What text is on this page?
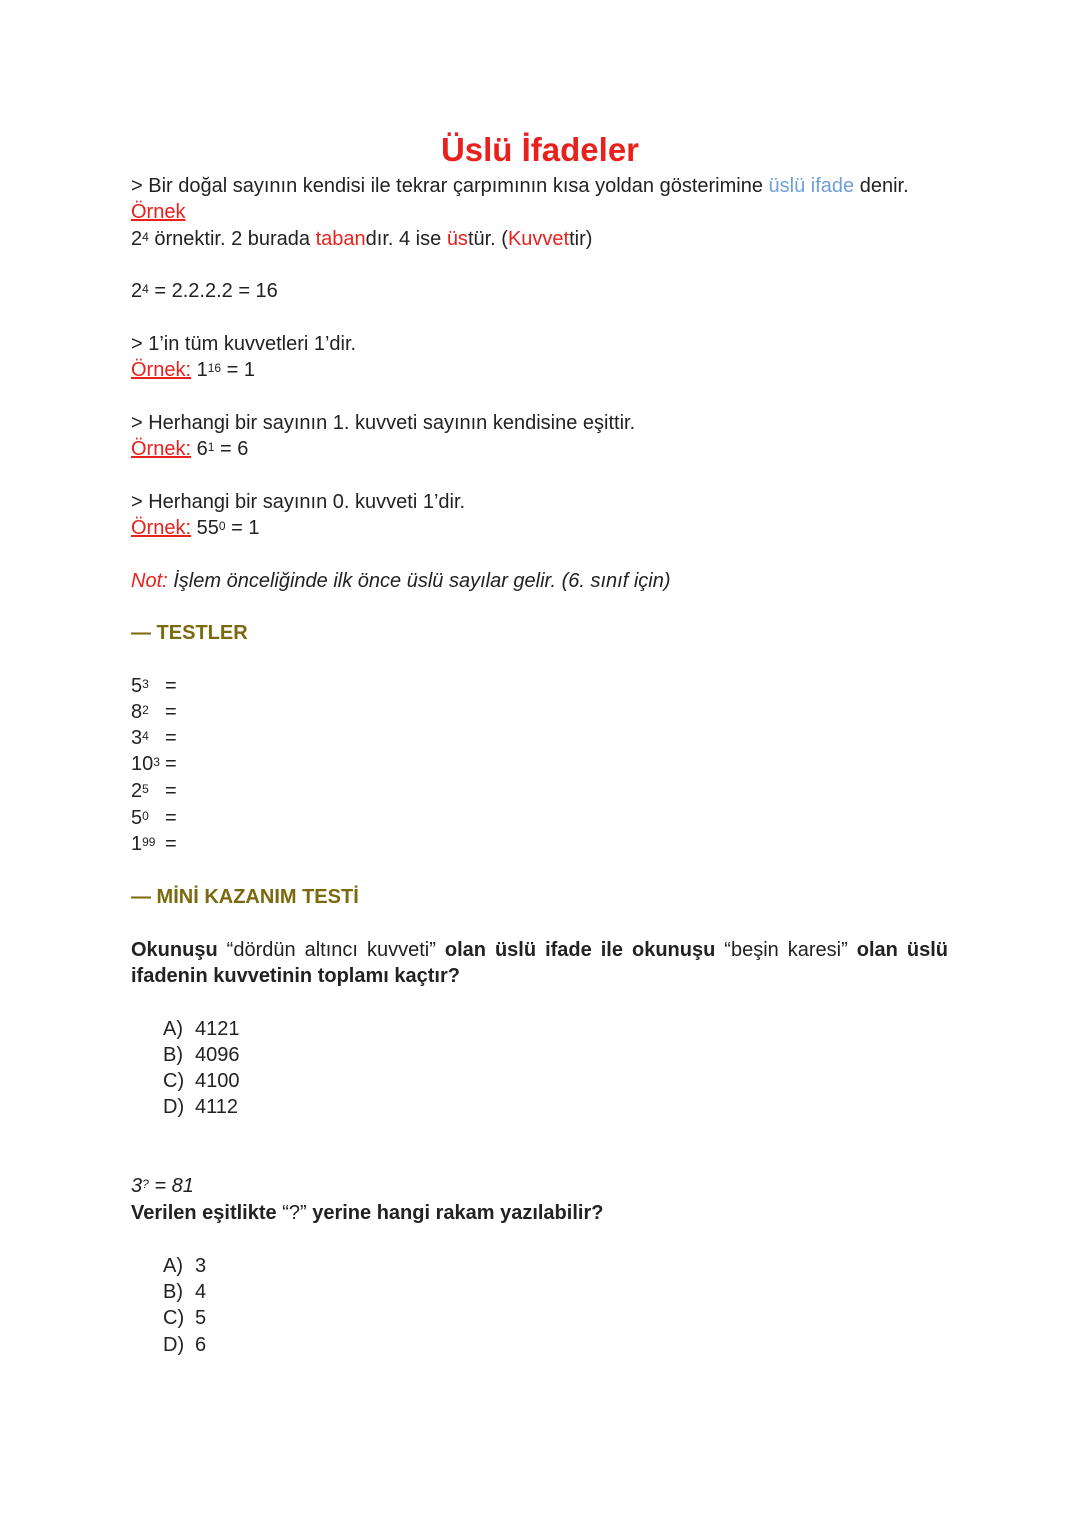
Üslü İfadeler
> Bir doğal sayının kendisi ile tekrar çarpımının kısa yoldan gösterimine üslü ifade denir.
Örnek
$2^4$ örnektir. 2 burada tabandır. 4 ise üstür. (Kuvvettir)
$2^4 = 2.2.2.2 = 16$
> 1’in tüm kuvvetleri 1’dir.
Örnek: $1^{16} = 1$
> Herhangi bir sayının 1. kuvveti sayının kendisine eşittir.
Örnek: $6^1 = 6$
> Herhangi bir sayının 0. kuvveti 1’dir.
Örnek: $55^0 = 1$
Not: İşlem önceliğinde ilk önce üslü sayılar gelir. (6. sınıf için)
— TESTLER
$5^3$ =
$8^2$ =
$3^4$ =
$10^3$ =
$2^5$ =
$5^0$ =
$1^{99}$ =
— MİNİ KAZANIM TESTİ
Okunuşu “dördün altıncı kuvveti” olan üslü ifade ile okunuşu “beşin karesi” olan üslü ifadenin kuvvetinin toplamı kaçtır?
A) 4121
B) 4096
C) 4100
D) 4112
3? = 81
Verilen eşitlikte “?” yerine hangi rakam yazılabilir?
A) 3
B) 4
C) 5
D) 6
